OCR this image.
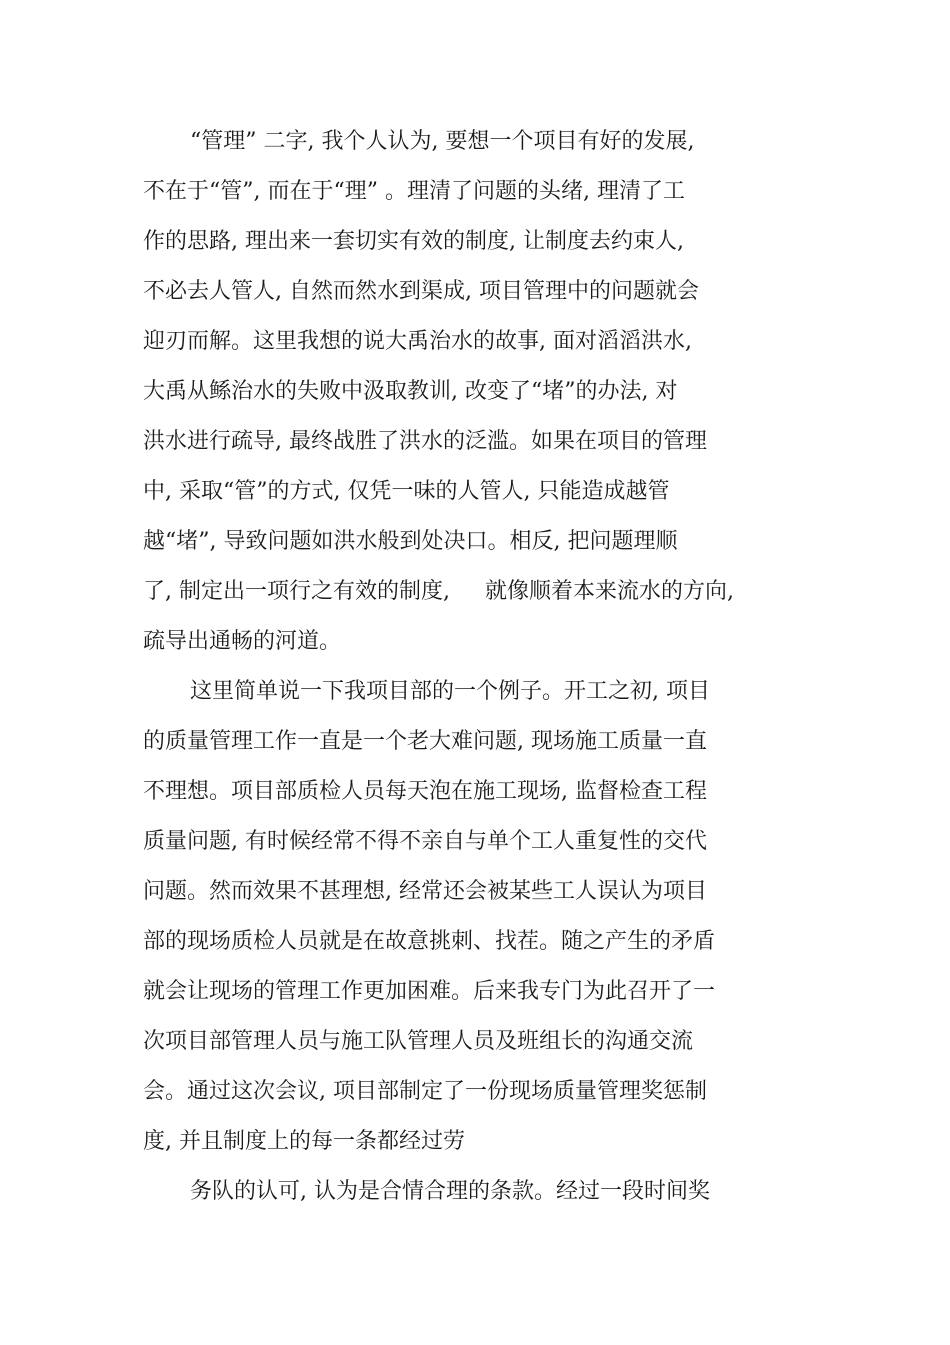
“管理” 二字, 我个人认为, 要想一个项目有好的发展,

不在于“管”, 而在于“理” 。理清了问题的头绪, 理清了工

作的思路, 理出来一套切实有效的制度, 让制度去约束人,

不必去人管人, 自然而然水到渠成, 项目管理中的问题就会

迎刃而解。这里我想的说大禹治水的故事, 面对滔滔洪水,

大禹从鲧治水的失败中汲取教训, 改变了“堵”的办法, 对

洪水进行疏导, 最终战胜了洪水的泛滥。如果在项目的管理

中, 采取“管”的方式, 仅凭一味的人管人, 只能造成越管

越“堵”, 导致问题如洪水般到处决口。相反, 把问题理顺

了, 制定出一项行之有效的制度,     就像顺着本来流水的方向,

疏导出通畅的河道。

这里简单说一下我项目部的一个例子。开工之初, 项目

的质量管理工作一直是一个老大难问题, 现场施工质量一直

不理想。项目部质检人员每天泡在施工现场, 监督检查工程

质量问题, 有时候经常不得不亲自与单个工人重复性的交代

问题。然而效果不甚理想, 经常还会被某些工人误认为项目

部的现场质检人员就是在故意挑刺、找茬。随之产生的矛盾

就会让现场的管理工作更加困难。后来我专门为此召开了一

次项目部管理人员与施工队管理人员及班组长的沟通交流

会。通过这次会议, 项目部制定了一份现场质量管理奖惩制

度, 并且制度上的每一条都经过劳

务队的认可, 认为是合情合理的条款。经过一段时间奖
